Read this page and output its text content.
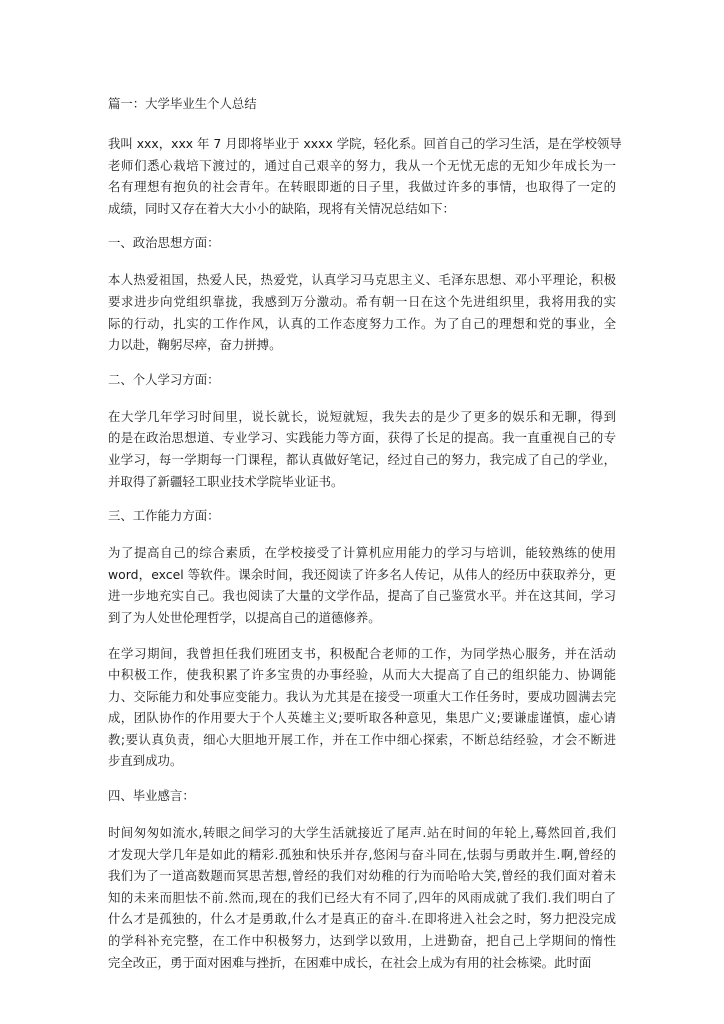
篇一：大学毕业生个人总结
我叫 xxx，xxx 年 7 月即将毕业于 xxxx 学院，轻化系。回首自己的学习生活，是在学校领导
老师们悉心栽培下渡过的，通过自己艰辛的努力，我从一个无忧无虑的无知少年成长为一
名有理想有抱负的社会青年。在转眼即逝的日子里，我做过许多的事情，也取得了一定的
成绩，同时又存在着大大小小的缺陷，现将有关情况总结如下：
一、政治思想方面：
本人热爱祖国，热爱人民，热爱党，认真学习马克思主义、毛泽东思想、邓小平理论，积极
要求进步向党组织靠拢，我感到万分激动。希有朝一日在这个先进组织里，我将用我的实
际的行动，扎实的工作作风，认真的工作态度努力工作。为了自己的理想和党的事业，全
力以赴，鞠躬尽瘁，奋力拼搏。
二、个人学习方面：
在大学几年学习时间里，说长就长，说短就短，我失去的是少了更多的娱乐和无聊，得到
的是在政治思想道、专业学习、实践能力等方面，获得了长足的提高。我一直重视自己的专
业学习，每一学期每一门课程，都认真做好笔记，经过自己的努力，我完成了自己的学业，
并取得了新疆轻工职业技术学院毕业证书。
三、工作能力方面：
为了提高自己的综合素质，在学校接受了计算机应用能力的学习与培训，能较熟练的使用
word，excel 等软件。课余时间，我还阅读了许多名人传记，从伟人的经历中获取养分，更
进一步地充实自己。我也阅读了大量的文学作品，提高了自己鉴赏水平。并在这其间，学习
到了为人处世伦理哲学，以提高自己的道德修养。
在学习期间，我曾担任我们班团支书，积极配合老师的工作，为同学热心服务，并在活动
中积极工作，使我积累了许多宝贵的办事经验，从而大大提高了自己的组织能力、协调能
力、交际能力和处事应变能力。我认为尤其是在接受一项重大工作任务时，要成功圆满去完
成，团队协作的作用要大于个人英雄主义;要听取各种意见，集思广义;要谦虚谨慎，虚心请
教;要认真负责，细心大胆地开展工作，并在工作中细心探索，不断总结经验，才会不断进
步直到成功。
四、毕业感言：
时间匆匆如流水,转眼之间学习的大学生活就接近了尾声.站在时间的年轮上,蓦然回首,我们
才发现大学几年是如此的精彩.孤独和快乐并存,悠闲与奋斗同在,怯弱与勇敢并生.啊,曾经的
我们为了一道高数题而冥思苦想,曾经的我们对幼稚的行为而哈哈大笑,曾经的我们面对着未
知的未来而胆怯不前.然而,现在的我们已经大有不同了,四年的风雨成就了我们.我们明白了
什么才是孤独的，什么才是勇敢,什么才是真正的奋斗.在即将进入社会之时，努力把没完成
的学科补充完整，在工作中积极努力，达到学以致用，上进勤奋，把自己上学期间的惰性
完全改正，勇于面对困难与挫折，在困难中成长，在社会上成为有用的社会栋梁。此时面
